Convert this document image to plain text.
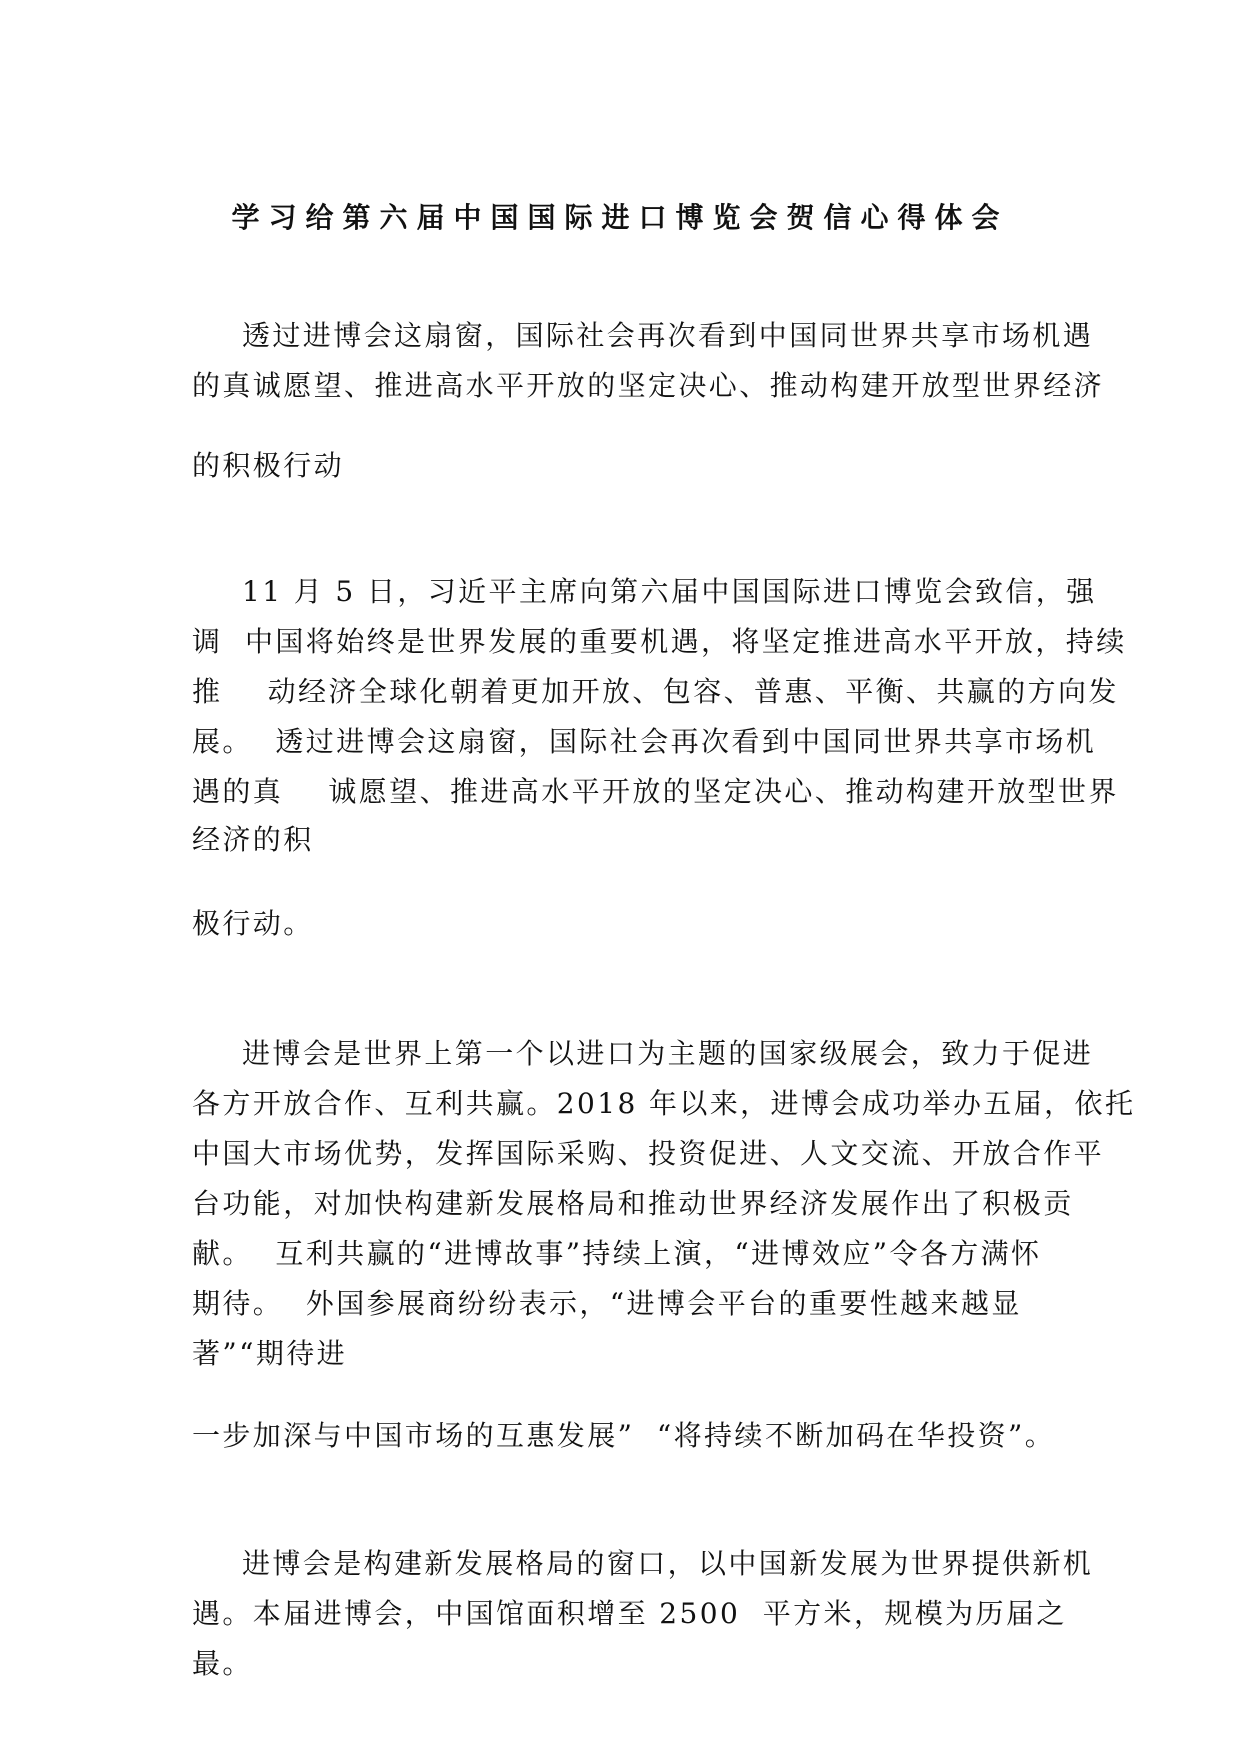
学习给第六届中国国际进口博览会贺信心得体会
透过进博会这扇窗，国际社会再次看到中国同世界共享市场机遇
的真诚愿望、推进高水平开放的坚定决心、推动构建开放型世界经济
的积极行动
11 月 5 日，习近平主席向第六届中国国际进口博览会致信，强
调  中国将始终是世界发展的重要机遇，将坚定推进高水平开放，持续
推    动经济全球化朝着更加开放、包容、普惠、平衡、共赢的方向发
展。  透过进博会这扇窗，国际社会再次看到中国同世界共享市场机
遇的真    诚愿望、推进高水平开放的坚定决心、推动构建开放型世界
经济的积
极行动。
进博会是世界上第一个以进口为主题的国家级展会，致力于促进
各方开放合作、互利共赢。2018 年以来，进博会成功举办五届，依托
中国大市场优势，发挥国际采购、投资促进、人文交流、开放合作平
台功能，对加快构建新发展格局和推动世界经济发展作出了积极贡
献。  互利共赢的“进博故事”持续上演，“进博效应”令各方满怀
期待。  外国参展商纷纷表示，“进博会平台的重要性越来越显
著”“期待进
一步加深与中国市场的互惠发展”  “将持续不断加码在华投资”。
进博会是构建新发展格局的窗口，以中国新发展为世界提供新机
遇。本届进博会，中国馆面积增至 2500  平方米，规模为历届之
最。
